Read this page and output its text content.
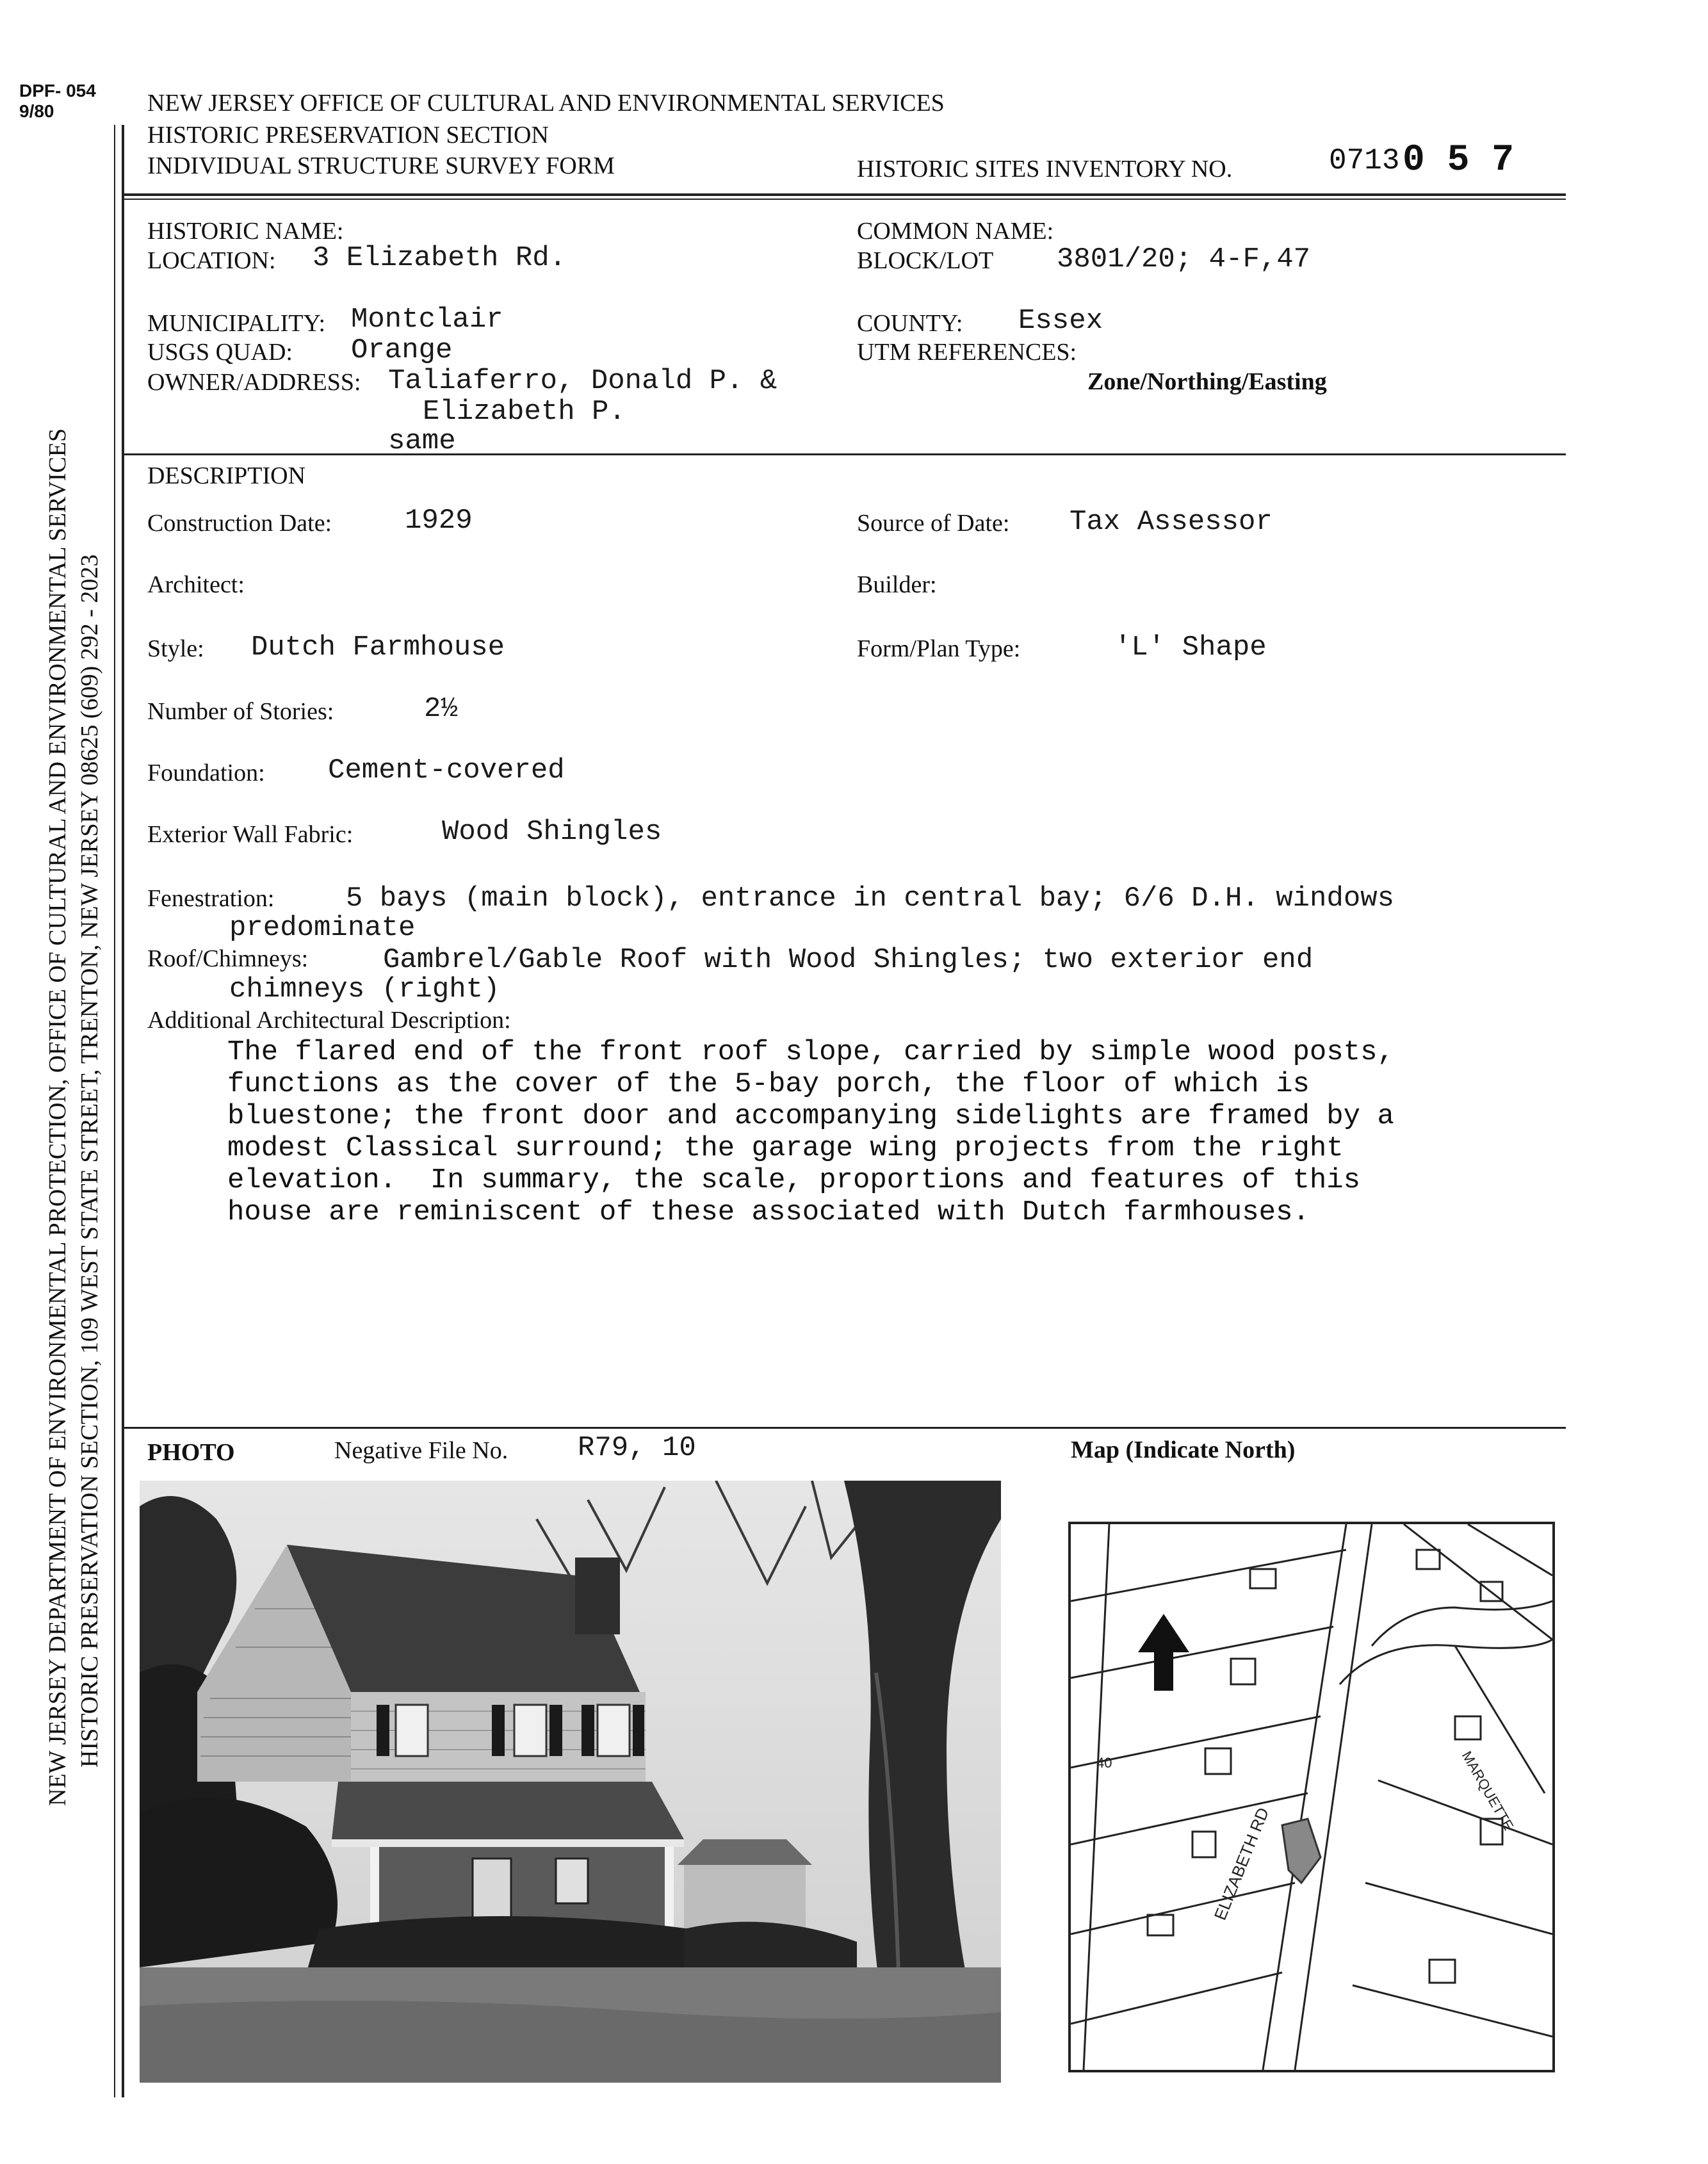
DPF- 054
9/80	NEW JERSEY OFFICE OF CULTURAL AND ENVIRONMENTAL SERVICES
HISTORIC PRESERVATION SECTION
INDIVIDUAL STRUCTURE SURVEY FORM	HISTORIC SITES INVENTORY NO.	0713 0 5 7
NEW JERSEY DEPARTMENT OF ENVIRONMENTAL PROTECTION, OFFICE OF CULTURAL AND ENVIRONMENTAL SERVICES HISTORIC PRESERVATION SECTION, 109 WEST STATE STREET, TRENTON, NEW JERSEY 08625 (609) 292 - 2023
HISTORIC NAME:	COMMON NAME:
LOCATION: 3 Elizabeth Rd.	BLOCK/LOT 3801/20; 4-F,47
MUNICIPALITY: Montclair	COUNTY: Essex
USGS QUAD: Orange	UTM REFERENCES:
Zone/Northing/Easting
OWNER/ADDRESS: Taliaferro, Donald P. &
Elizabeth P.
same
DESCRIPTION
Construction Date:	1929	Source of Date: Tax Assessor
Architect:	Builder:
Style: Dutch Farmhouse	Form/Plan Type:	'L' Shape
Number of Stories:	2½
Foundation: Cement-covered
Exterior Wall Fabric:	Wood Shingles
Fenestration:	5 bays (main block), entrance in central bay; 6/6 D.H. windows
predominate
Roof/Chimneys:	Gambrel/Gable Roof with Wood Shingles; two exterior end
chimneys (right)
Additional Architectural Description:
The flared end of the front roof slope, carried by simple wood posts,
functions as the cover of the 5-bay porch, the floor of which is
bluestone; the front door and accompanying sidelights are framed by a
modest Classical surround; the garage wing projects from the right
elevation.  In summary, the scale, proportions and features of this
house are reminiscent of these associated with Dutch farmhouses.
PHOTO	Negative File No. R79, 10	Map (Indicate North)
ELIZABETH RD
MARQUETTE
40
